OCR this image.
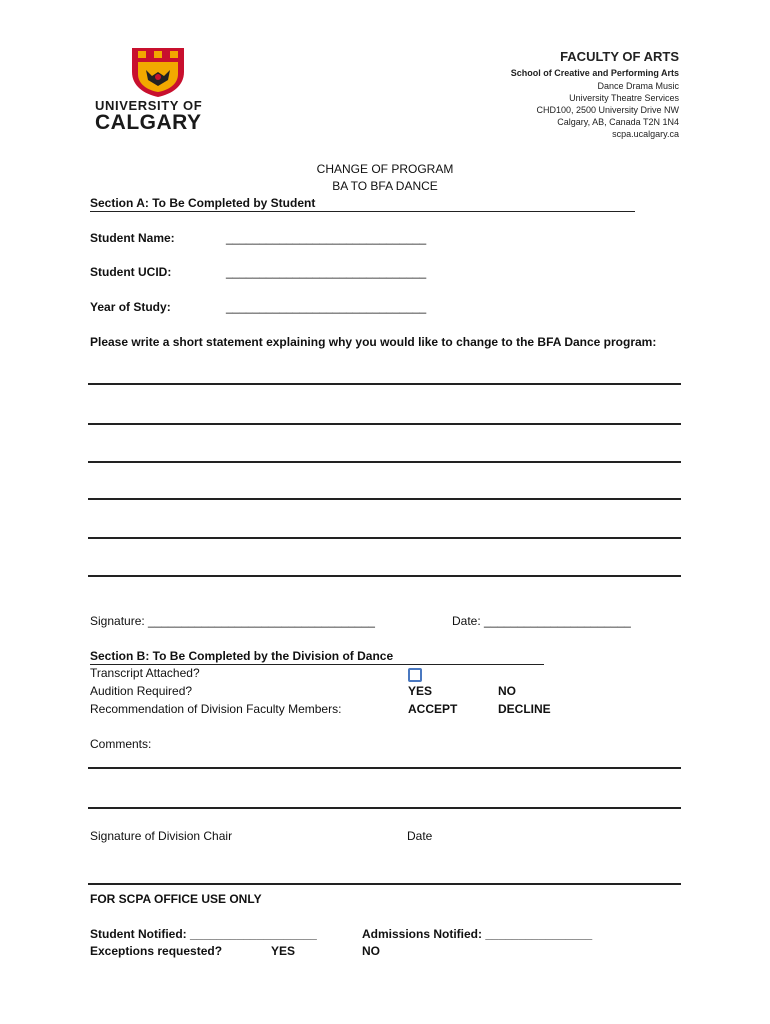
UNIVERSITY OF
CALGARY
FACULTY OF ARTS
School of Creative and Performing Arts
Dance Drama Music
University Theatre Services
CHD100, 2500 University Drive NW
Calgary, AB, Canada T2N 1N4
scpa.ucalgary.ca
CHANGE OF PROGRAM
BA TO BFA DANCE
Section A: To Be Completed by Student
Student Name:	______________________________
Student UCID:	______________________________
Year of Study:	______________________________
Please write a short statement explaining why you would like to change to the BFA Dance program:
Signature: __________________________________	Date: ______________________
Section B: To Be Completed by the Division of Dance
Transcript Attached?
Audition Required?	YES	NO
Recommendation of Division Faculty Members:	ACCEPT	DECLINE
Comments:
Signature of Division Chair	Date
FOR SCPA OFFICE USE ONLY
Student Notified: ___________________	Admissions Notified: ________________
Exceptions requested?	YES	NO
